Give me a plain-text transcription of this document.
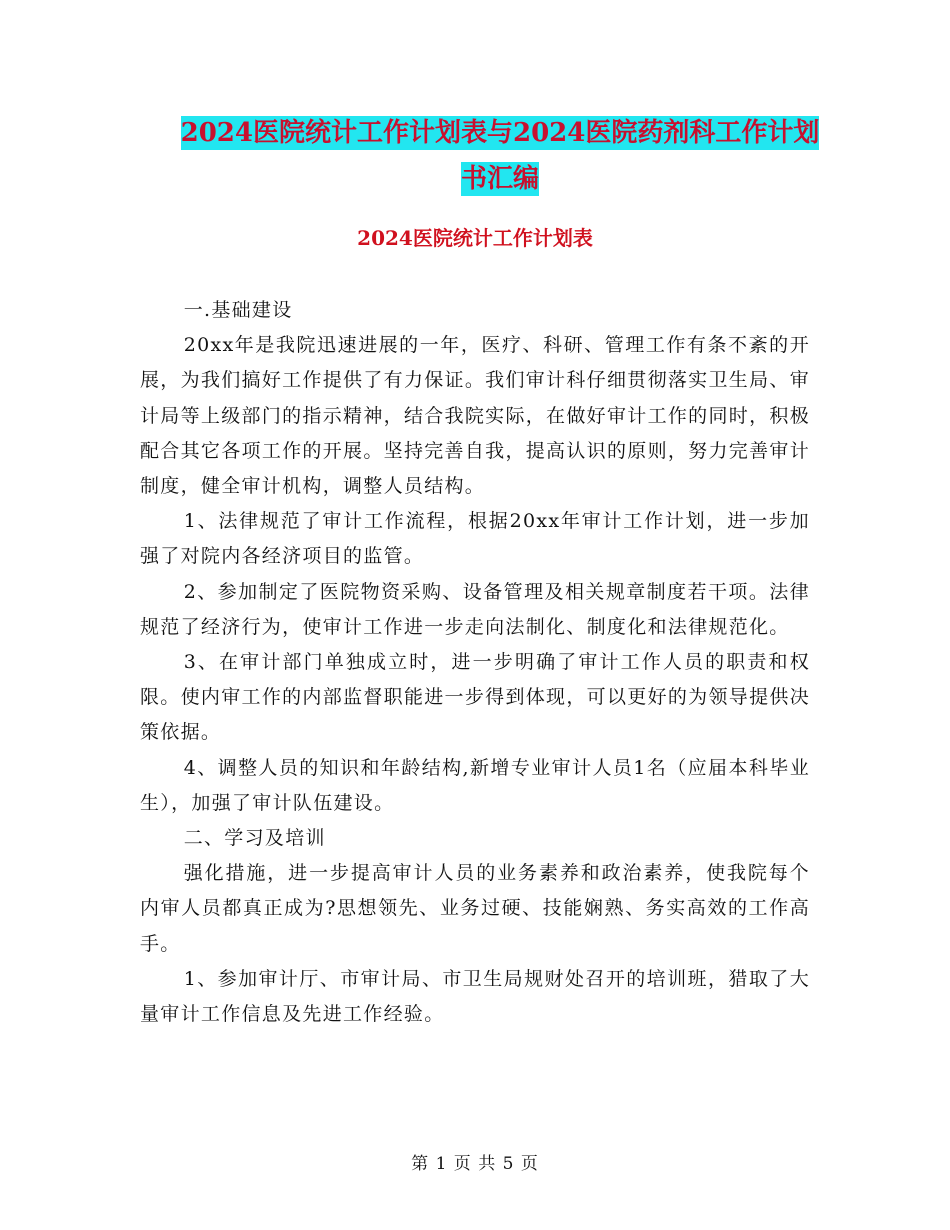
2024医院统计工作计划表与2024医院药剂科工作计划
书汇编
2024医院统计工作计划表

一.基础建设

20xx年是我院迅速进展的一年，医疗、科研、管理工作有条不紊的开展，为我们搞好工作提供了有力保证。我们审计科仔细贯彻落实卫生局、审计局等上级部门的指示精神，结合我院实际，在做好审计工作的同时，积极配合其它各项工作的开展。坚持完善自我，提高认识的原则，努力完善审计制度，健全审计机构，调整人员结构。

1、法律规范了审计工作流程，根据20xx年审计工作计划，进一步加强了对院内各经济项目的监管。

2、参加制定了医院物资采购、设备管理及相关规章制度若干项。法律规范了经济行为，使审计工作进一步走向法制化、制度化和法律规范化。

3、在审计部门单独成立时，进一步明确了审计工作人员的职责和权限。使内审工作的内部监督职能进一步得到体现，可以更好的为领导提供决策依据。

4、调整人员的知识和年龄结构,新增专业审计人员1名（应届本科毕业生），加强了审计队伍建设。

二、学习及培训

强化措施，进一步提高审计人员的业务素养和政治素养，使我院每个内审人员都真正成为?思想领先、业务过硬、技能娴熟、务实高效的工作高手。

1、参加审计厅、市审计局、市卫生局规财处召开的培训班，猎取了大量审计工作信息及先进工作经验。

第 1 页 共 5 页
